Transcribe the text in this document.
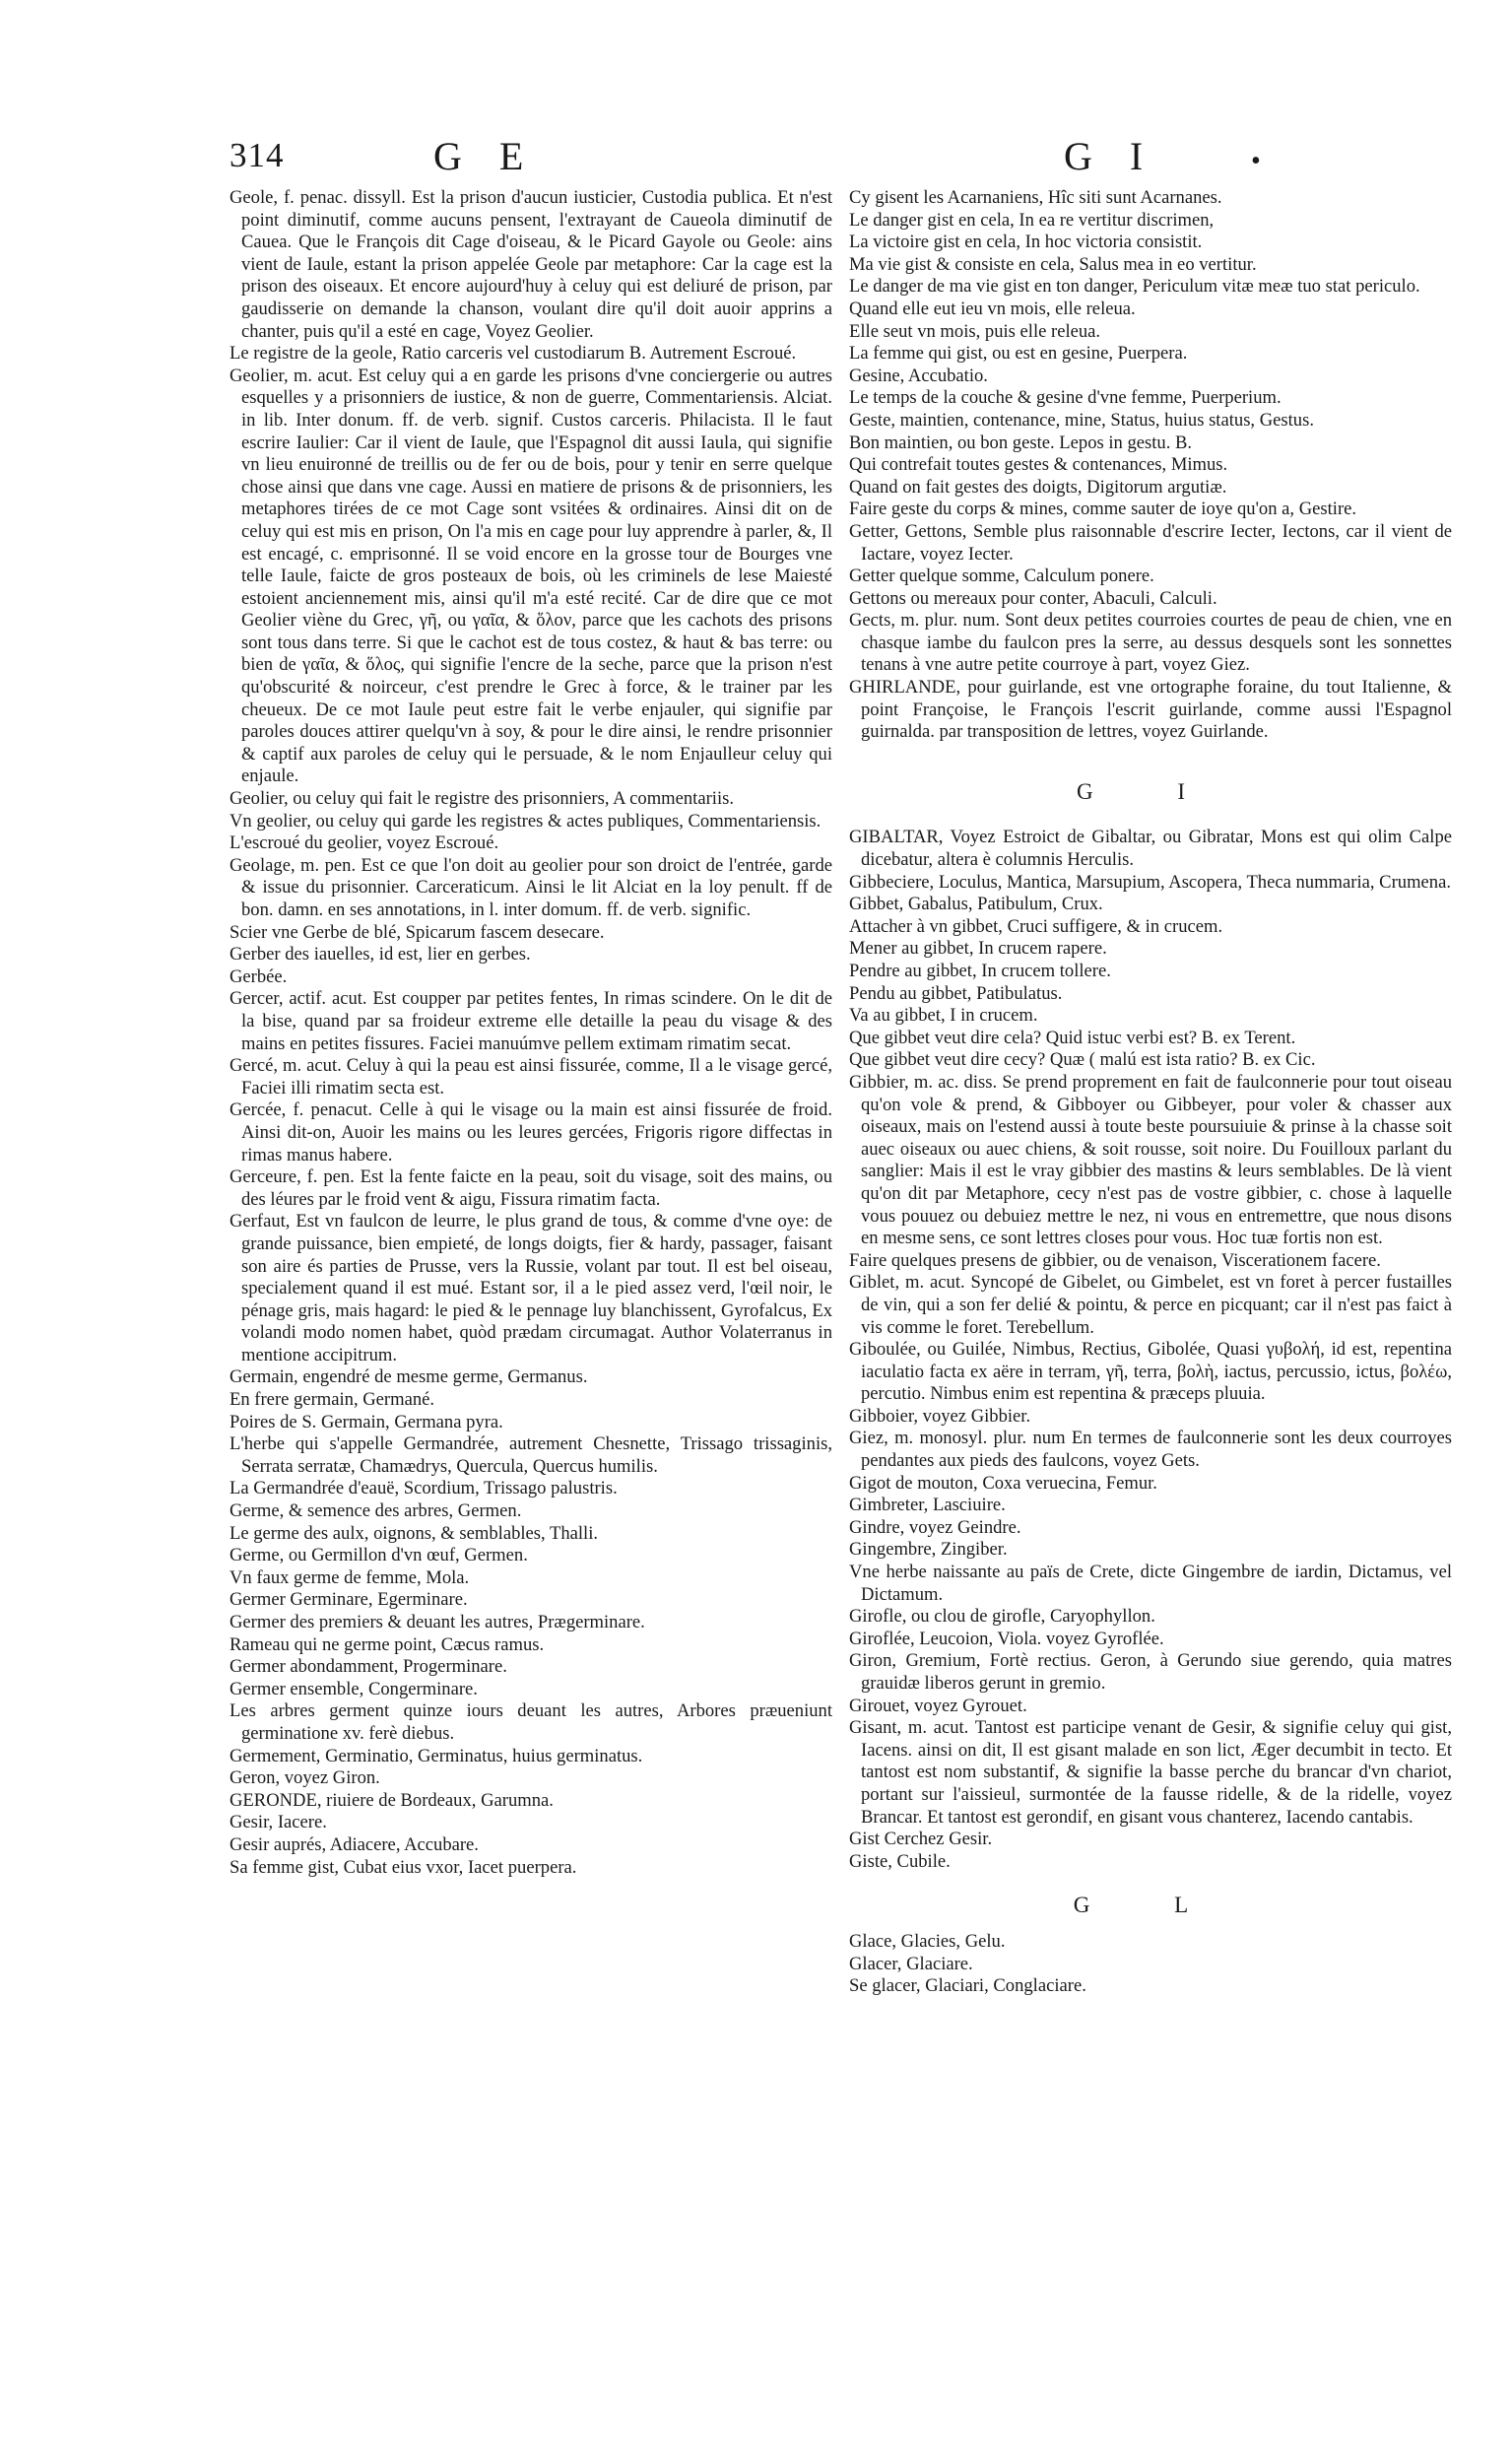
314	G E	G I	•
Geole, f. penac. dissyll. Est la prison d'aucun iusticier, Custodia publica. Et n'est point diminutif, comme aucuns pensent, l'extrayant de Caueola diminutif de Cauea. Que le François dit Cage d'oiseau, & le Picard Gayole ou Geole: ains vient de Iaule, estant la prison appelée Geole par metaphore: Car la cage est la prison des oiseaux. Et encore aujourd'huy à celuy qui est deliuré de prison, par gaudisserie on demande la chanson, voulant dire qu'il doit auoir apprins a chanter, puis qu'il a esté en cage, Voyez Geolier.
Le registre de la geole, Ratio carceris vel custodiarum B. Autrement Escroué.
Geolier, m. acut. Est celuy qui a en garde les prisons d'vne conciergerie ou autres esquelles y a prisonniers de iustice, & non de guerre, Commentariensis. Alciat. in lib. Inter donum. ff. de verb. signif. Custos carceris. Philacista. Il le faut escrire Iaulier: Car il vient de Iaule, que l'Espagnol dit aussi Iaula, qui signifie vn lieu enuironné de treillis ou de fer ou de bois, pour y tenir en serre quelque chose ainsi que dans vne cage. Aussi en matiere de prisons & de prisonniers, les metaphores tirées de ce mot Cage sont vsitées & ordinaires. Ainsi dit on de celuy qui est mis en prison, On l'a mis en cage pour luy apprendre à parler, &, Il est encagé, c. emprisonné. Il se void encore en la grosse tour de Bourges vne telle Iaule, faicte de gros posteaux de bois, où les criminels de lese Maiesté estoient anciennement mis, ainsi qu'il m'a esté recité. Car de dire que ce mot Geolier viène du Grec, γῆ, ou γαῖα, & ὅλον, parce que les cachots des prisons sont tous dans terre. Si que le cachot est de tous costez, & haut & bas terre: ou bien de γαῖα, & ὅλος, qui signifie l'encre de la seche, parce que la prison n'est qu'obscurité & noirceur, c'est prendre le Grec à force, & le trainer par les cheueux. De ce mot Iaule peut estre fait le verbe enjauler, qui signifie par paroles douces attirer quelqu'vn à soy, & pour le dire ainsi, le rendre prisonnier & captif aux paroles de celuy qui le persuade, & le nom Enjaulleur celuy qui enjaule.
Geolier, ou celuy qui fait le registre des prisonniers, A commentariis.
Vn geolier, ou celuy qui garde les registres & actes publiques, Commentariensis.
L'escroué du geolier, voyez Escroué.
Geolage, m. pen. Est ce que l'on doit au geolier pour son droict de l'entrée, garde & issue du prisonnier. Carceraticum. Ainsi le lit Alciat en la loy penult. ff de bon. damn. en ses annotations, in l. inter domum. ff. de verb. signific.
Scier vne Gerbe de blé, Spicarum fascem desecare.
Gerber des iauelles, id est, lier en gerbes.
Gerbée.
Gercer, actif. acut. Est coupper par petites fentes, In rimas scindere. On le dit de la bise, quand par sa froideur extreme elle detaille la peau du visage & des mains en petites fissures. Faciei manuúmve pellem extimam rimatim secat.
Gercé, m. acut. Celuy à qui la peau est ainsi fissurée, comme, Il a le visage gercé, Faciei illi rimatim secta est.
Gercée, f. penacut. Celle à qui le visage ou la main est ainsi fissurée de froid. Ainsi dit-on, Auoir les mains ou les leures gercées, Frigoris rigore diffectas in rimas manus habere.
Gerceure, f. pen. Est la fente faicte en la peau, soit du visage, soit des mains, ou des léures par le froid vent & aigu, Fissura rimatim facta.
Gerfaut, Est vn faulcon de leurre, le plus grand de tous, & comme d'vne oye: de grande puissance, bien empieté, de longs doigts, fier & hardy, passager, faisant son aire és parties de Prusse, vers la Russie, volant par tout. Il est bel oiseau, specialement quand il est mué. Estant sor, il a le pied assez verd, l'œil noir, le pénage gris, mais hagard: le pied & le pennage luy blanchissent, Gyrofalcus, Ex volandi modo nomen habet, quòd prædam circumagat. Author Volaterranus in mentione accipitrum.
Germain, engendré de mesme germe, Germanus.
En frere germain, Germané.
Poires de S. Germain, Germana pyra.
L'herbe qui s'appelle Germandrée, autrement Chesnette, Trissago trissaginis, Serrata serratæ, Chamædrys, Quercula, Quercus humilis.
La Germandrée d'eauë, Scordium, Trissago palustris.
Germe, & semence des arbres, Germen.
Le germe des aulx, oignons, & semblables, Thalli.
Germe, ou Germillon d'vn œuf, Germen.
Vn faux germe de femme, Mola.
Germer Germinare, Egerminare.
Germer des premiers & deuant les autres, Prægerminare.
Rameau qui ne germe point, Cæcus ramus.
Germer abondamment, Progerminare.
Germer ensemble, Congerminare.
Les arbres germent quinze iours deuant les autres, Arbores præueniunt germinatione xv. ferè diebus.
Germement, Germinatio, Germinatus, huius germinatus.
Geron, voyez Giron.
GERONDE, riuiere de Bordeaux, Garumna.
Gesir, Iacere.
Gesir auprés, Adiacere, Accubare.
Sa femme gist, Cubat eius vxor, Iacet puerpera.
Cy gisent les Acarnaniens, Hîc siti sunt Acarnanes.
Le danger gist en cela, In ea re vertitur discrimen,
La victoire gist en cela, In hoc victoria consistit.
Ma vie gist & consiste en cela, Salus mea in eo vertitur.
Le danger de ma vie gist en ton danger, Periculum vitæ meæ tuo stat periculo.
Quand elle eut ieu vn mois, elle releua.
Elle seut vn mois, puis elle releua.
La femme qui gist, ou est en gesine, Puerpera.
Gesine, Accubatio.
Le temps de la couche & gesine d'vne femme, Puerperium.
Geste, maintien, contenance, mine, Status, huius status, Gestus.
Bon maintien, ou bon geste. Lepos in gestu. B.
Qui contrefait toutes gestes & contenances, Mimus.
Quand on fait gestes des doigts, Digitorum argutiæ.
Faire geste du corps & mines, comme sauter de ioye qu'on a, Gestire.
Getter, Gettons, Semble plus raisonnable d'escrire Iecter, Iectons, car il vient de Iactare, voyez Iecter.
Getter quelque somme, Calculum ponere.
Gettons ou mereaux pour conter, Abaculi, Calculi.
Gects, m. plur. num. Sont deux petites courroies courtes de peau de chien, vne en chasque iambe du faulcon pres la serre, au dessus desquels sont les sonnettes tenans à vne autre petite courroye à part, voyez Giez.
GHIRLANDE, pour guirlande, est vne ortographe foraine, du tout Italienne, & point Françoise, le François l'escrit guirlande, comme aussi l'Espagnol guirnalda. par transposition de lettres, voyez Guirlande.
G I
GIBALTAR, Voyez Estroict de Gibaltar, ou Gibratar, Mons est qui olim Calpe dicebatur, altera è columnis Herculis.
Gibbeciere, Loculus, Mantica, Marsupium, Ascopera, Theca nummaria, Crumena.
Gibbet, Gabalus, Patibulum, Crux.
Attacher à vn gibbet, Cruci suffigere, & in crucem.
Mener au gibbet, In crucem rapere.
Pendre au gibbet, In crucem tollere.
Pendu au gibbet, Patibulatus.
Va au gibbet, I in crucem.
Que gibbet veut dire cela? Quid istuc verbi est? B. ex Terent.
Que gibbet veut dire cecy? Quæ ( malú est ista ratio? B. ex Cic.
Gibbier, m. ac. diss. Se prend proprement en fait de faulconnerie pour tout oiseau qu'on vole & prend, & Gibboyer ou Gibbeyer, pour voler & chasser aux oiseaux, mais on l'estend aussi à toute beste poursuiuie & prinse à la chasse soit auec oiseaux ou auec chiens, & soit rousse, soit noire. Du Fouilloux parlant du sanglier: Mais il est le vray gibbier des mastins & leurs semblables. De là vient qu'on dit par Metaphore, cecy n'est pas de vostre gibbier, c. chose à laquelle vous pouuez ou debuiez mettre le nez, ni vous en entremettre, que nous disons en mesme sens, ce sont lettres closes pour vous. Hoc tuæ fortis non est.
Faire quelques presens de gibbier, ou de venaison, Viscerationem facere.
Giblet, m. acut. Syncopé de Gibelet, ou Gimbelet, est vn foret à percer fustailles de vin, qui a son fer delié & pointu, & perce en picquant; car il n'est pas faict à vis comme le foret. Terebellum.
Giboulée, ou Guilée, Nimbus, Rectius, Gibolée, Quasi γυβολή, id est, repentina iaculatio facta ex aëre in terram, γῆ, terra, βολὴ, iactus, percussio, ictus, βολέω, percutio. Nimbus enim est repentina & præceps pluuia.
Gibboier, voyez Gibbier.
Giez, m. monosyl. plur. num En termes de faulconnerie sont les deux courroyes pendantes aux pieds des faulcons, voyez Gets.
Gigot de mouton, Coxa veruecina, Femur.
Gimbreter, Lasciuire.
Gindre, voyez Geindre.
Gingembre, Zingiber.
Vne herbe naissante au païs de Crete, dicte Gingembre de iardin, Dictamus, vel Dictamum.
Girofle, ou clou de girofle, Caryophyllon.
Giroflée, Leucoion, Viola. voyez Gyroflée.
Giron, Gremium, Fortè rectius. Geron, à Gerundo siue gerendo, quia matres grauidæ liberos gerunt in gremio.
Girouet, voyez Gyrouet.
Gisant, m. acut. Tantost est participe venant de Gesir, & signifie celuy qui gist, Iacens. ainsi on dit, Il est gisant malade en son lict, Æger decumbit in tecto. Et tantost est nom substantif, & signifie la basse perche du brancar d'vn chariot, portant sur l'aissieul, surmontée de la fausse ridelle, & de la ridelle, voyez Brancar. Et tantost est gerondif, en gisant vous chanterez, Iacendo cantabis.
Gist Cerchez Gesir.
Giste, Cubile.
G L
Glace, Glacies, Gelu.
Glacer, Glaciare.
Se glacer, Glaciari, Conglaciare.
